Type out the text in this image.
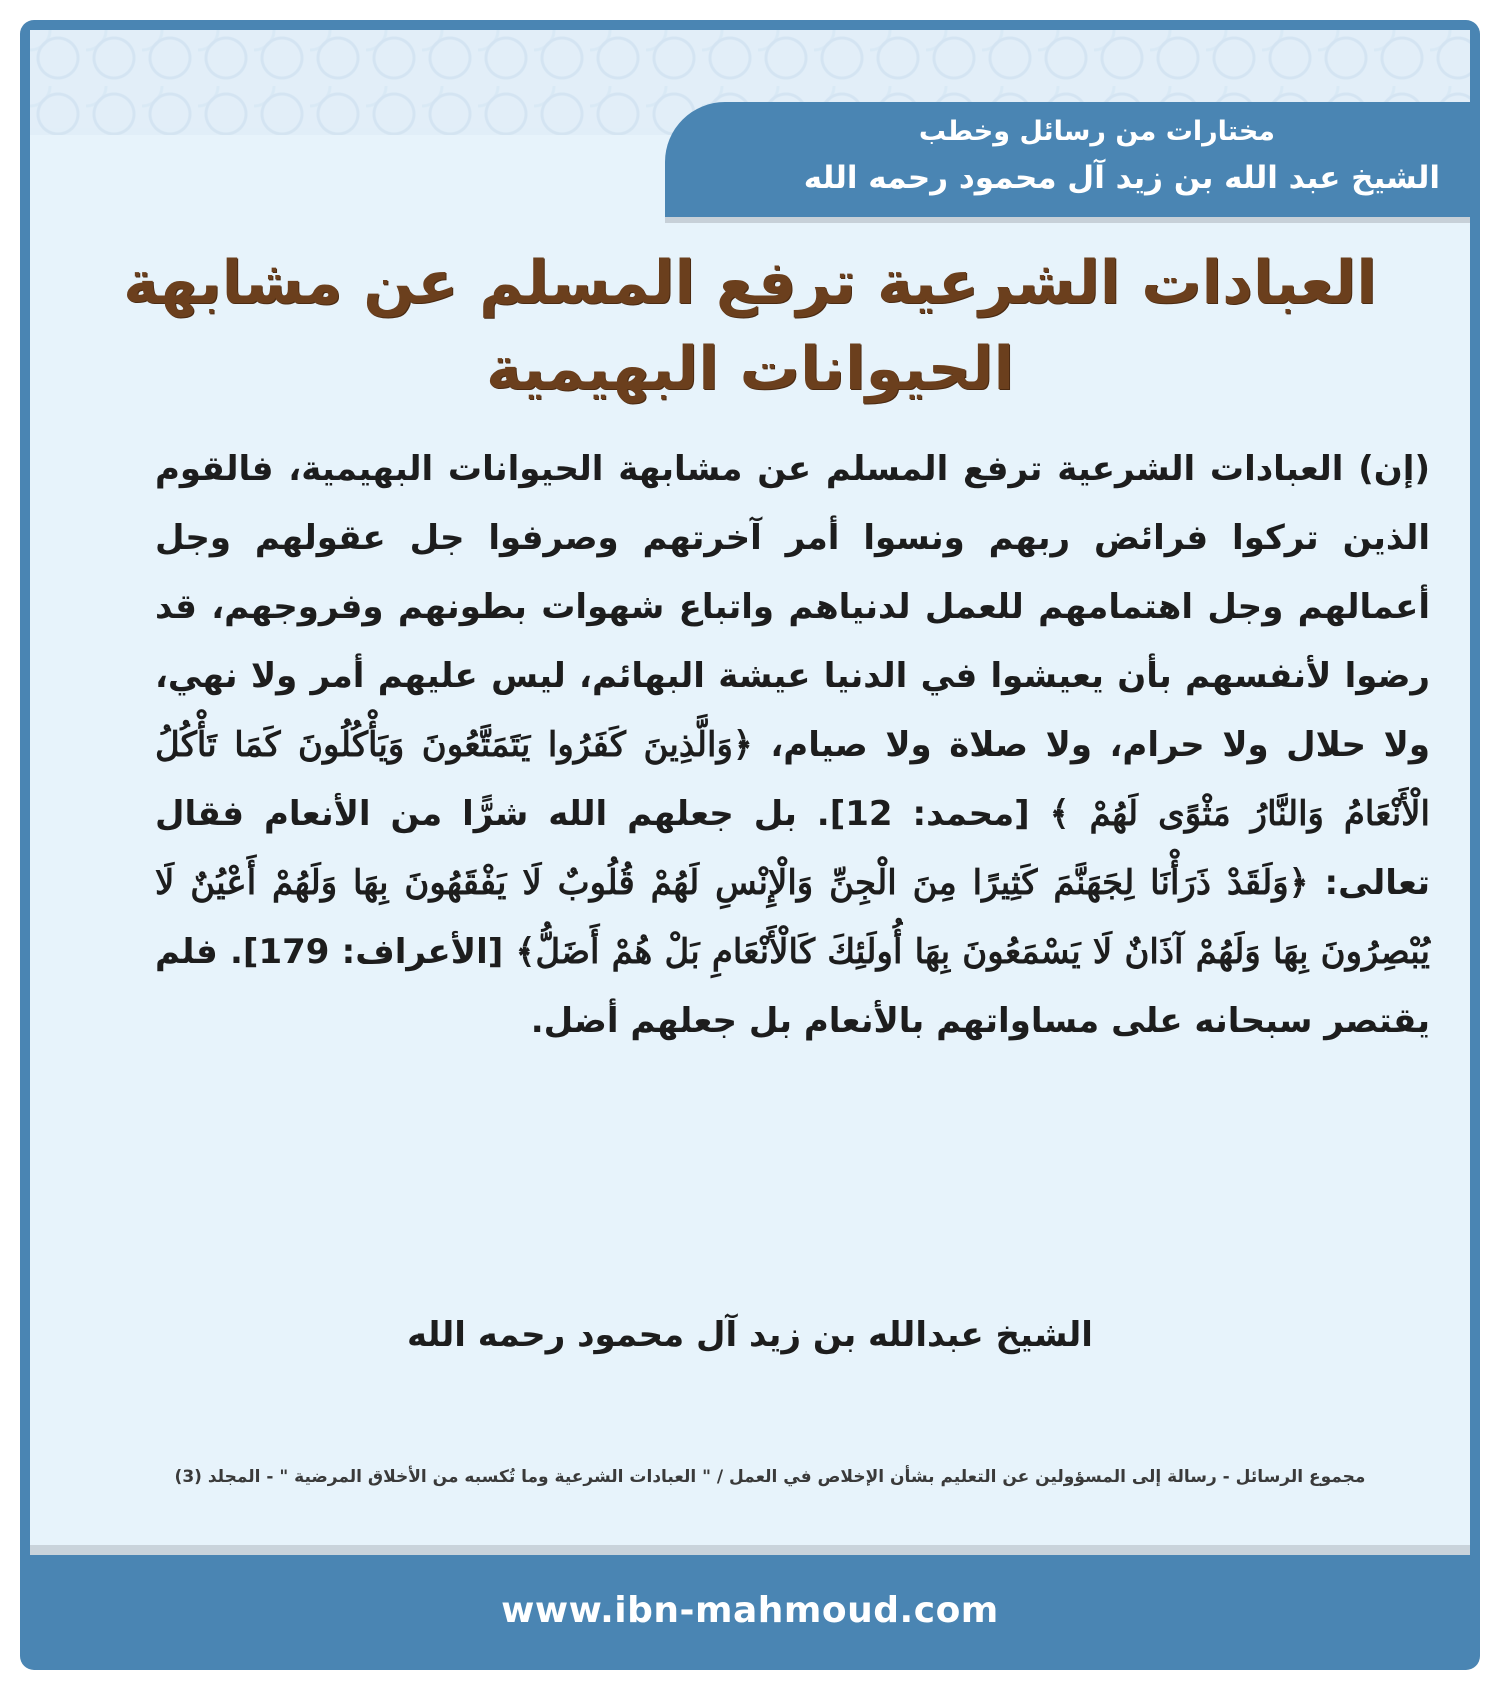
مختارات من رسائل وخطب
الشيخ عبد الله بن زيد آل محمود رحمه الله
العبادات الشرعية ترفع المسلم عن مشابهة
الحيوانات البهيمية
(إن) العبادات الشرعية ترفع المسلم عن مشابهة الحيوانات البهيمية، فالقوم الذين تركوا فرائض ربهم ونسوا أمر آخرتهم وصرفوا جل عقولهم وجل أعمالهم وجل اهتمامهم للعمل لدنياهم واتباع شهوات بطونهم وفروجهم، قد رضوا لأنفسهم بأن يعيشوا في الدنيا عيشة البهائم، ليس عليهم أمر ولا نهي، ولا حلال ولا حرام، ولا صلاة ولا صيام، ﴿وَالَّذِينَ كَفَرُوا يَتَمَتَّعُونَ وَيَأْكُلُونَ كَمَا تَأْكُلُ الْأَنْعَامُ وَالنَّارُ مَثْوًى لَهُمْ ﴾ [محمد: 12]. بل جعلهم الله شرًّا من الأنعام فقال تعالى: ﴿وَلَقَدْ ذَرَأْنَا لِجَهَنَّمَ كَثِيرًا مِنَ الْجِنِّ وَالْإِنْسِ لَهُمْ قُلُوبٌ لَا يَفْقَهُونَ بِهَا وَلَهُمْ أَعْيُنٌ لَا يُبْصِرُونَ بِهَا وَلَهُمْ آذَانٌ لَا يَسْمَعُونَ بِهَا أُولَئِكَ كَالْأَنْعَامِ بَلْ هُمْ أَضَلُّ﴾ [الأعراف: 179]. فلم يقتصر سبحانه على مساواتهم بالأنعام بل جعلهم أضل.
الشيخ عبدالله بن زيد آل محمود رحمه الله
مجموع الرسائل - رسالة إلى المسؤولين عن التعليم بشأن الإخلاص في العمل / " العبادات الشرعية وما تُكسبه من الأخلاق المرضية " - المجلد (3)
www.ibn-mahmoud.com
